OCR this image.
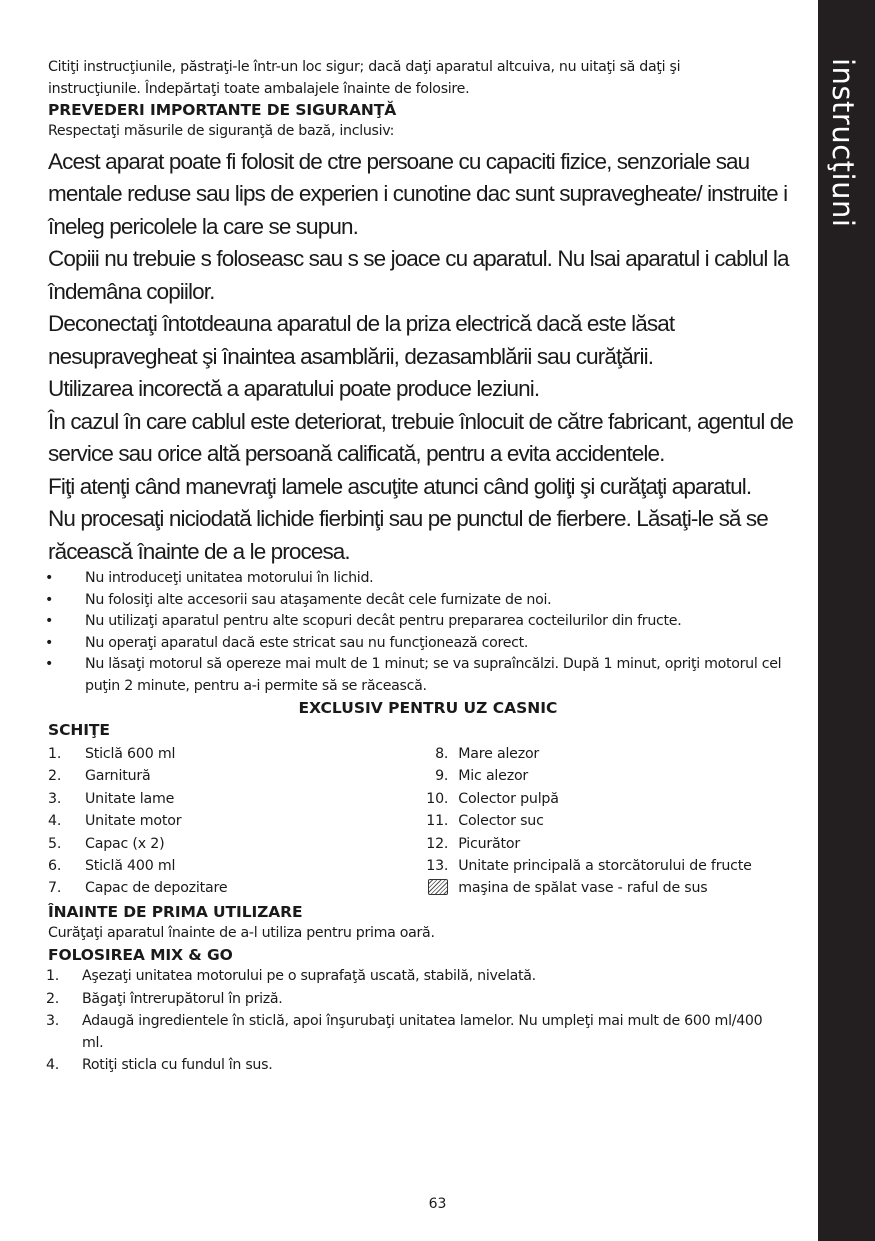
instrucţiuni

Citiţi instrucţiunile, păstraţi-le într-un loc sigur; dacă daţi aparatul altcuiva, nu uitaţi să daţi şi

instrucţiunile. Îndepărtaţi toate ambalajele înainte de folosire.

PREVEDERI IMPORTANTE DE SIGURANŢĂ

Respectaţi măsurile de siguranţă de bază, inclusiv:

Acest aparat poate fi folosit de ctre persoane cu capaciti fizice, senzoriale sau mentale reduse sau lips de experien i cunotine dac sunt supravegheate/ instruite i îneleg pericolele la care se supun.

Copiii nu trebuie s foloseasc sau s se joace cu aparatul. Nu lsai aparatul i cablul la îndemâna copiilor.

Deconectaţi întotdeauna aparatul de la priza electrică dacă este lăsat nesupravegheat şi înaintea asamblării, dezasamblării sau curăţării.

Utilizarea incorectă a aparatului poate produce leziuni.

În cazul în care cablul este deteriorat, trebuie înlocuit de către fabricant, agentul de service sau orice altă persoană calificată, pentru a evita accidentele.

Fiţi atenţi când manevraţi lamele ascuţite atunci când goliţi şi curăţaţi aparatul.

Nu procesaţi niciodată lichide fierbinţi sau pe punctul de fierbere. Lăsaţi-le să se răcească înainte de a le procesa.

• Nu introduceţi unitatea motorului în lichid.
• Nu folosiţi alte accesorii sau ataşamente decât cele furnizate de noi.
• Nu utilizaţi aparatul pentru alte scopuri decât pentru prepararea cocteilurilor din fructe.
• Nu operaţi aparatul dacă este stricat sau nu funcţionează corect.
• Nu lăsaţi motorul să opereze mai mult de 1 minut; se va supraîncălzi. După 1 minut, opriţi motorul cel puţin 2 minute, pentru a-i permite să se răcească.

EXCLUSIV PENTRU UZ CASNIC

SCHIŢE
1.	Sticlă 600 ml
2.	Garnitură
3.	Unitate lame
4.	Unitate motor
5.	Capac (x 2)
6.	Sticlă 400 ml
7.	Capac de depozitare
8. Mare alezor
9. Mic alezor
10. Colector pulpă
11. Colector suc
12. Picurător
13. Unitate principală a storcătorului de fructe
maşina de spălat vase - raful de sus
ÎNAINTE DE PRIMA UTILIZARE

Curăţaţi aparatul înainte de a-l utiliza pentru prima oară.

FOLOSIREA MIX & GO
1.	Aşezaţi unitatea motorului pe o suprafaţă uscată, stabilă, nivelată.
2.	Băgaţi întrerupătorul în priză.
3.	Adaugă ingredientele în sticlă, apoi înşurubaţi unitatea lamelor. Nu umpleţi mai mult de 600 ml/400 ml.
4.	Rotiţi sticla cu fundul în sus.
63
